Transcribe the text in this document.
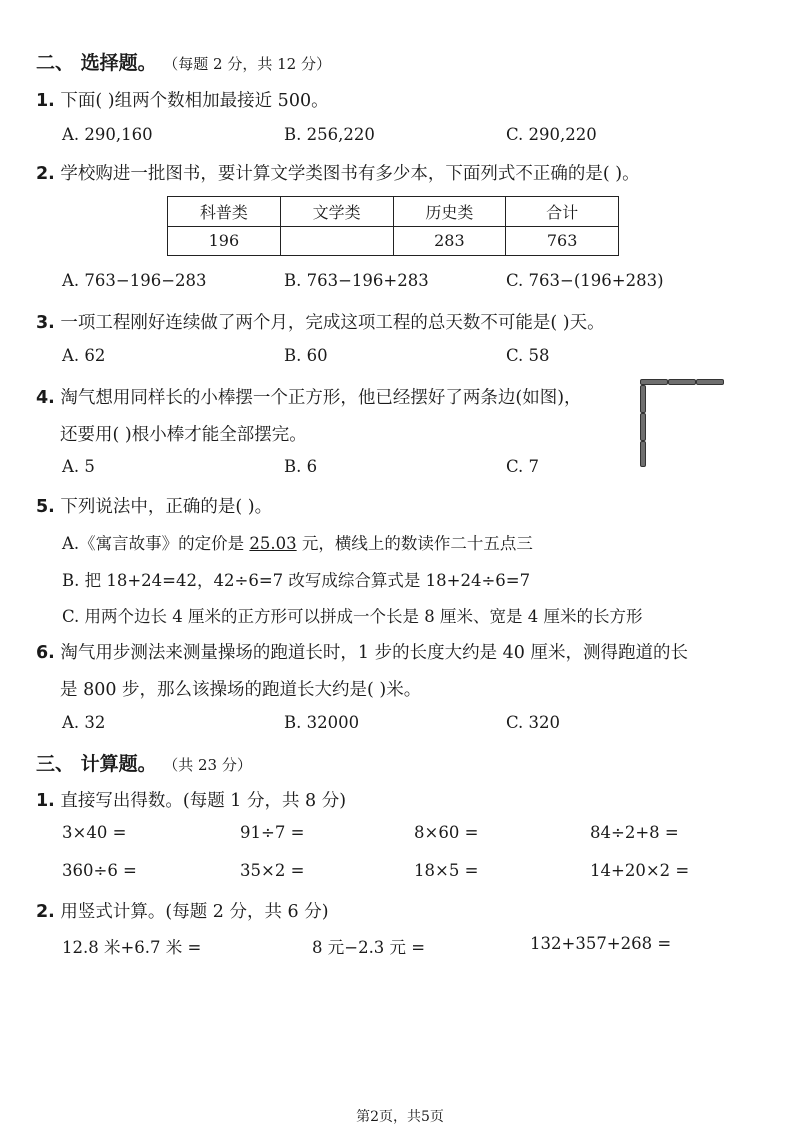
二、 选择题。 （每题 2 分，共 12 分）
1. 下面( )组两个数相加最接近 500。
A. 290,160	B. 256,220	C. 290,220
2. 学校购进一批图书，要计算文学类图书有多少本，下面列式不正确的是( )。
科普类	文学类	历史类	合计
196		283	763
A. 763−196−283	B. 763−196+283	C. 763−(196+283)
3. 一项工程刚好连续做了两个月，完成这项工程的总天数不可能是( )天。
A. 62	B. 60	C. 58
4. 淘气想用同样长的小棒摆一个正方形，他已经摆好了两条边(如图)，
还要用( )根小棒才能全部摆完。
A. 5	B. 6	C. 7
5. 下列说法中，正确的是( )。
A.《寓言故事》的定价是 25.03 元，横线上的数读作二十五点三
B. 把 18+24=42，42÷6=7 改写成综合算式是 18+24÷6=7
C. 用两个边长 4 厘米的正方形可以拼成一个长是 8 厘米、宽是 4 厘米的长方形
6. 淘气用步测法来测量操场的跑道长时，1 步的长度大约是 40 厘米，测得跑道的长
是 800 步，那么该操场的跑道长大约是( )米。
A. 32	B. 32000	C. 320
三、 计算题。 （共 23 分）
1. 直接写出得数。(每题 1 分，共 8 分)
3×40 =	91÷7 =	8×60 =	84÷2+8 =
360÷6 =	35×2 =	18×5 =	14+20×2 =
2. 用竖式计算。(每题 2 分，共 6 分)
12.8 米+6.7 米 =	8 元−2.3 元 =	132+357+268 =
第2页，共5页
